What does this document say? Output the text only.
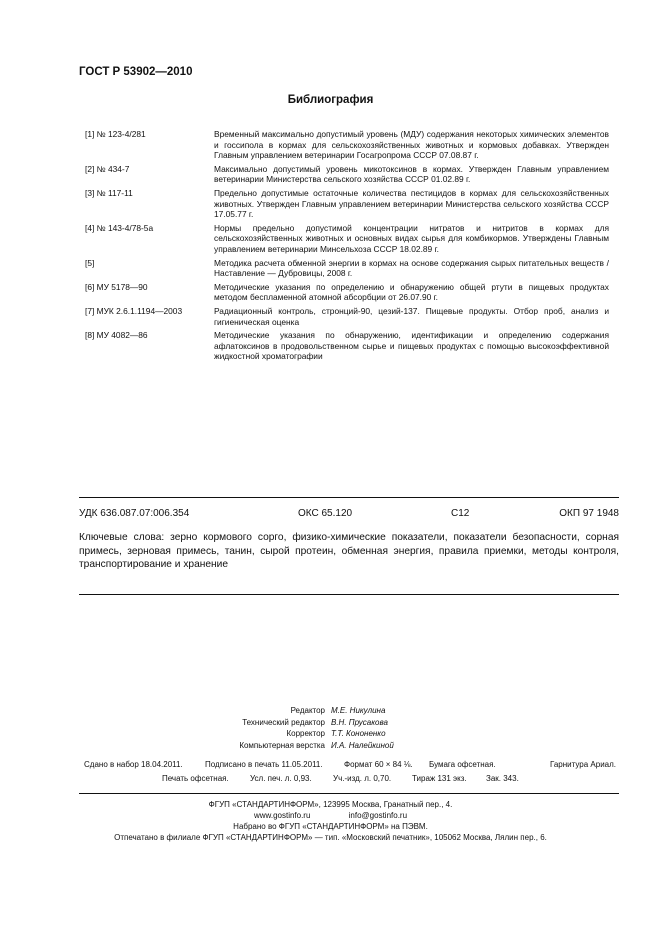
ГОСТ Р 53902—2010
Библиография
[1] № 123-4/281	Временный максимально допустимый уровень (МДУ) содержания некоторых химических элементов и госсипола в кормах для сельскохозяйственных животных и кормовых добавках. Утвержден Главным управлением ветеринарии Госагропрома СССР 07.08.87 г.
[2] № 434-7	Максимально допустимый уровень микотоксинов в кормах. Утвержден Главным управлением ветеринарии Министерства сельского хозяйства СССР 01.02.89 г.
[3] № 117-11	Предельно допустимые остаточные количества пестицидов в кормах для сельскохозяйственных животных. Утвержден Главным управлением ветеринарии Министерства сельского хозяйства СССР 17.05.77 г.
[4] № 143-4/78-5а	Нормы предельно допустимой концентрации нитратов и нитритов в кормах для сельскохозяйственных животных и основных видах сырья для комбикормов. Утверждены Главным управлением ветеринарии Минсельхоза СССР 18.02.89 г.
[5]	Методика расчета обменной энергии в кормах на основе содержания сырых питательных веществ /Наставление — Дубровицы, 2008 г.
[6] МУ 5178—90	Методические указания по определению и обнаружению общей ртути в пищевых продуктах методом беспламенной атомной абсорбции от 26.07.90 г.
[7] МУК 2.6.1.1194—2003	Радиационный контроль, стронций-90, цезий-137. Пищевые продукты. Отбор проб, анализ и гигиеническая оценка
[8] МУ 4082—86	Методические указания по обнаружению, идентификации и определению содержания афлатоксинов в продовольственном сырье и пищевых продуктах с помощью высокоэффективной жидкостной хроматографии
УДК 636.087.07:006.354	ОКС 65.120	С12	ОКП 97 1948
Ключевые слова: зерно кормового сорго, физико-химические показатели, показатели безопасности, сорная примесь, зерновая примесь, танин, сырой протеин, обменная энергия, правила приемки, методы контроля, транспортирование и хранение
Редактор М.Е. Никулина
Технический редактор В.Н. Прусакова
Корректор Т.Т. Кононенко
Компьютерная верстка И.А. Налейкиной
Сдано в набор 18.04.2011.	Подписано в печать 11.05.2011.	Формат 60 × 84 ⅛. Бумага офсетная.	Гарнитура Ариал.
Печать офсетная.	Усл. печ. л. 0,93.	Уч.-изд. л. 0,70.	Тираж 131 экз. Зак. 343.
ФГУП «СТАНДАРТИНФОРМ», 123995 Москва, Гранатный пер., 4.
www.gostinfo.ru	info@gostinfo.ru
Набрано во ФГУП «СТАНДАРТИНФОРМ» на ПЭВМ.
Отпечатано в филиале ФГУП «СТАНДАРТИНФОРМ» — тип. «Московский печатник», 105062 Москва, Лялин пер., 6.
